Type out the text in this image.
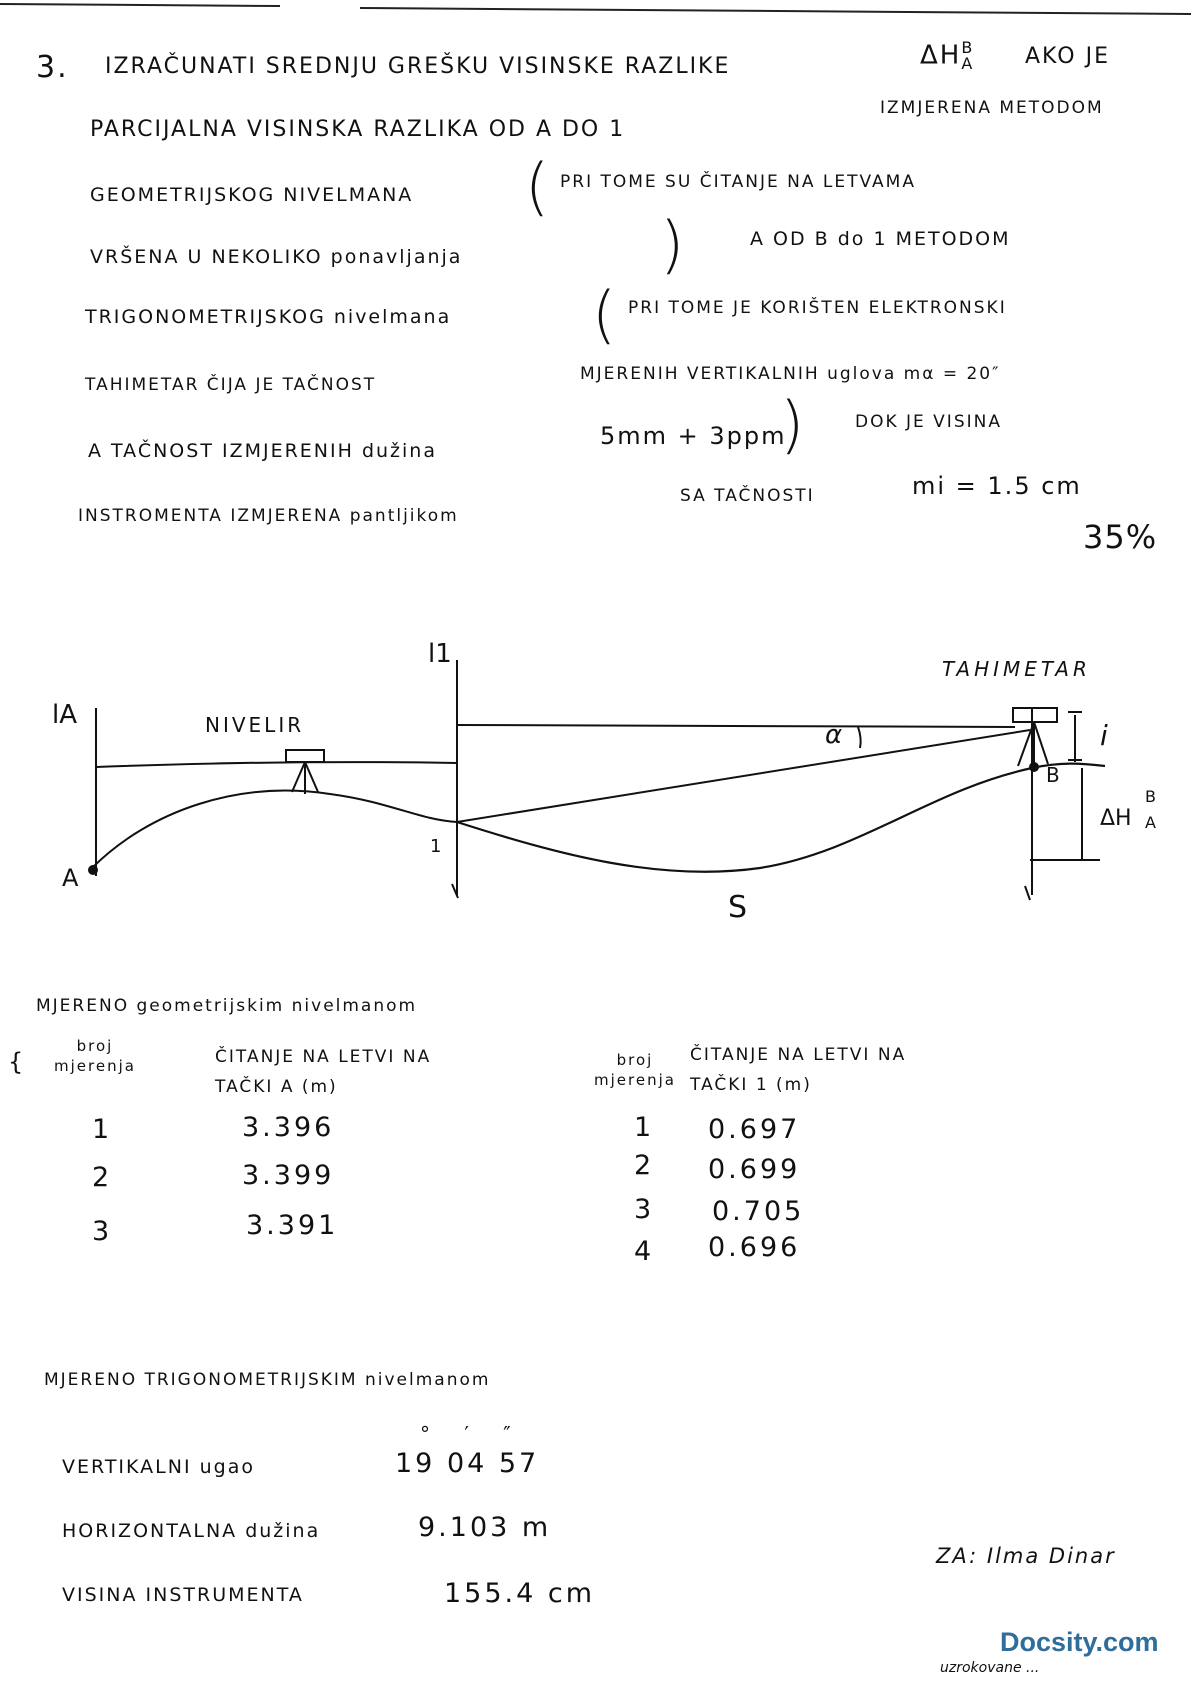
3. IZRAČUNATI SREDNJU GREŠKU VISINSKE RAZLIKE	ΔH B
A AKO JE
PARCIJALNA VISINSKA RAZLIKA OD A DO 1
IZMJERENA METODOM
GEOMETRIJSKOG NIVELMANA ( PRI TOME SU ČITANJE NA LETVAMA
VRŠENA U NEKOLIKO ponavljanja	)	A OD B do 1 METODOM
TRIGONOMETRIJSKOG nivelmana ( PRI TOME JE KORIŠTEN ELEKTRONSKI
TAHIMETAR ČIJA JE TAČNOST
MJERENIH VERTIKALNIH uglova mα = 20″
A TAČNOST IZMJERENIH dužina
5mm + 3ppm
)	DOK JE VISINA
INSTROMENTA IZMJERENA pantljikom
SA TAČNOSTI	mi = 1.5 cm
35%
lA
l1
NIVELIR
TAHIMETAR
α	i
B
ΔH
B
A
A
1
S
MJERENO geometrijskim nivelmanom
{
broj mjerenja	ČITANJE NA LETVI NA TAČKI A (m)
broj mjerenja
ČITANJE NA LETVI NA TAČKI 1 (m)
1	3.396
2	3.399
3	3.391
1 0.697
2 0.699
3 0.705
4 0.696
MJERENO TRIGONOMETRIJSKIM nivelmanom
° ′ ″
VERTIKALNI ugao	19 04 57
HORIZONTALNA dužina	9.103 m
VISINA INSTRUMENTA	155.4 cm
ZA: Ilma Dinar
Docsity.com
uzrokovane ...
